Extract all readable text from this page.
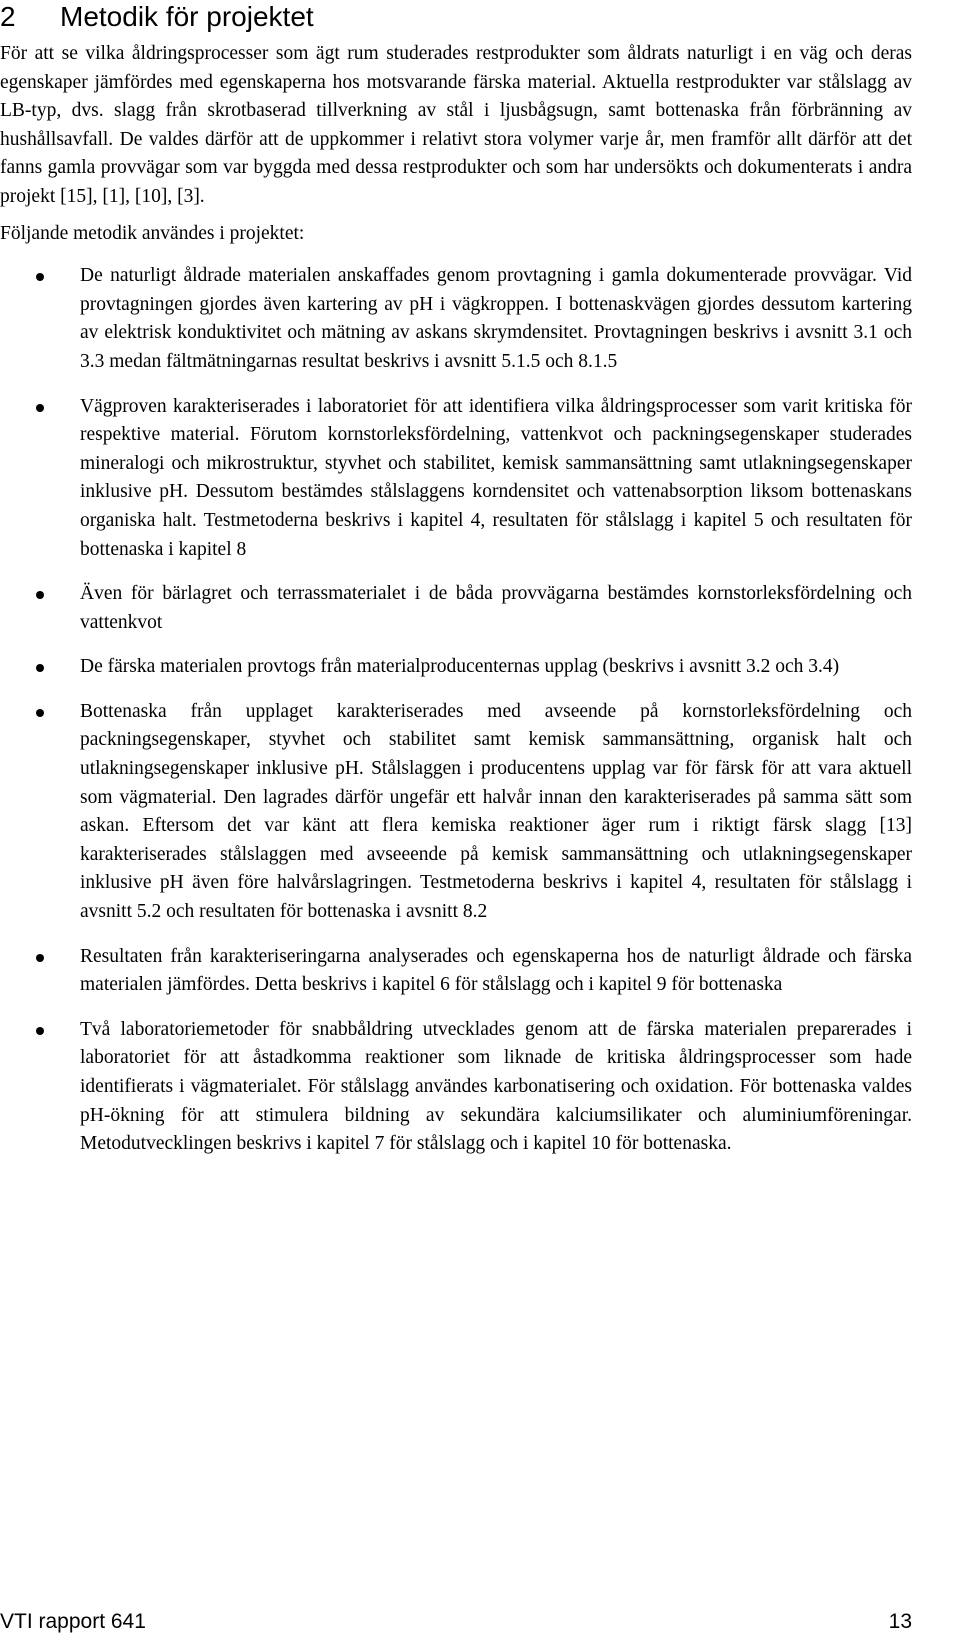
2 Metodik för projektet

För att se vilka åldringsprocesser som ägt rum studerades restprodukter som åldrats naturligt i en väg och deras egenskaper jämfördes med egenskaperna hos motsvarande färska material. Aktuella restprodukter var stålslagg av LB-typ, dvs. slagg från skrotbaserad tillverkning av stål i ljusbågsugn, samt bottenaska från förbränning av hushållsavfall. De valdes därför att de uppkommer i relativt stora volymer varje år, men framför allt därför att det fanns gamla provvägar som var byggda med dessa restprodukter och som har undersökts och dokumenterats i andra projekt [15], [1], [10], [3].

Följande metodik användes i projektet:

De naturligt åldrade materialen anskaffades genom provtagning i gamla dokumenterade provvägar. Vid provtagningen gjordes även kartering av pH i vägkroppen. I bottenaskvägen gjordes dessutom kartering av elektrisk konduktivitet och mätning av askans skrymdensitet. Provtagningen beskrivs i avsnitt 3.1 och 3.3 medan fältmätningarnas resultat beskrivs i avsnitt 5.1.5 och 8.1.5
Vägproven karakteriserades i laboratoriet för att identifiera vilka åldringsprocesser som varit kritiska för respektive material. Förutom kornstorleksfördelning, vattenkvot och packningsegenskaper studerades mineralogi och mikrostruktur, styvhet och stabilitet, kemisk sammansättning samt utlakningsegenskaper inklusive pH. Dessutom bestämdes stålslaggens korndensitet och vattenabsorption liksom bottenaskans organiska halt. Testmetoderna beskrivs i kapitel 4, resultaten för stålslagg i kapitel 5 och resultaten för bottenaska i kapitel 8
Även för bärlagret och terrassmaterialet i de båda provvägarna bestämdes kornstorleksfördelning och vattenkvot
De färska materialen provtogs från materialproducenternas upplag (beskrivs i avsnitt 3.2 och 3.4)
Bottenaska från upplaget karakteriserades med avseende på kornstorleksfördelning och packningsegenskaper, styvhet och stabilitet samt kemisk sammansättning, organisk halt och utlakningsegenskaper inklusive pH. Stålslaggen i producentens upplag var för färsk för att vara aktuell som vägmaterial. Den lagrades därför ungefär ett halvår innan den karakteriserades på samma sätt som askan. Eftersom det var känt att flera kemiska reaktioner äger rum i riktigt färsk slagg [13] karakteriserades stålslaggen med avseeende på kemisk sammansättning och utlakningsegenskaper inklusive pH även före halvårslagringen. Testmetoderna beskrivs i kapitel 4, resultaten för stålslagg i avsnitt 5.2 och resultaten för bottenaska i avsnitt 8.2
Resultaten från karakteriseringarna analyserades och egenskaperna hos de naturligt åldrade och färska materialen jämfördes. Detta beskrivs i kapitel 6 för stålslagg och i kapitel 9 för bottenaska
Två laboratoriemetoder för snabbåldring utvecklades genom att de färska materialen preparerades i laboratoriet för att åstadkomma reaktioner som liknade de kritiska åldringsprocesser som hade identifierats i vägmaterialet. För stålslagg användes karbonatisering och oxidation. För bottenaska valdes pH-ökning för att stimulera bildning av sekundära kalciumsilikater och aluminiumföreningar. Metodutvecklingen beskrivs i kapitel 7 för stålslagg och i kapitel 10 för bottenaska.
VTI rapport 641	13
